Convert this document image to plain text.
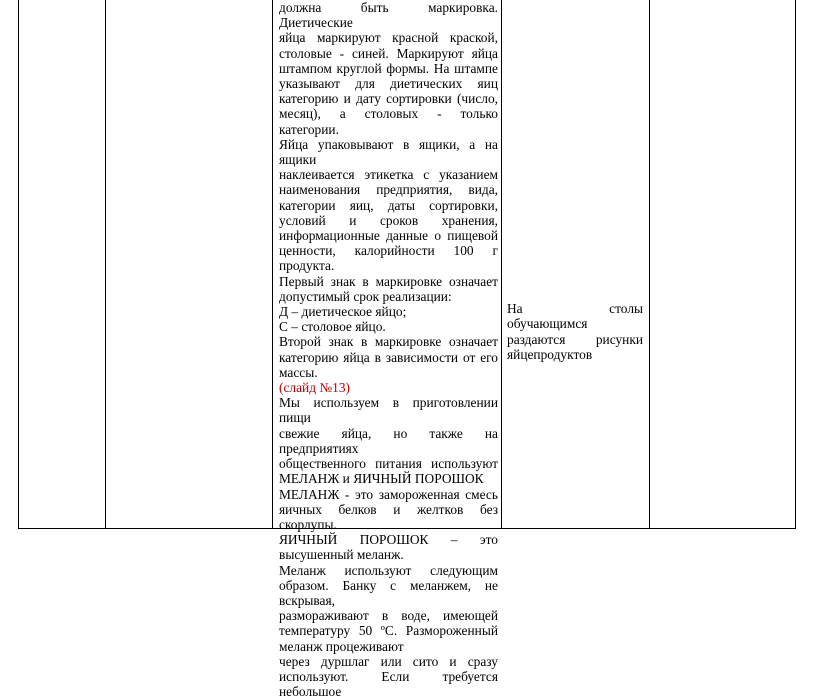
должна быть маркировка. Диетические

яйца маркируют красной краской,

столовые - синей. Маркируют яйца

штампом круглой формы. На штампе

указывают для диетических яиц

категорию и дату сортировки (число,

месяц), а столовых - только категории.

Яйца упаковывают в ящики, а на ящики

наклеивается этикетка с указанием

наименования предприятия, вида,

категории яиц, даты сортировки,

условий и сроков хранения,

информационные данные о пищевой

ценности, калорийности 100 г продукта.

Первый знак в маркировке означает

допустимый срок реализации:

Д – диетическое яйцо;

С – столовое яйцо.

Второй знак в маркировке означает

категорию яйца в зависимости от его

массы.

(слайд №13)

Мы используем в приготовлении пищи

свежие яйца, но также на предприятиях

общественного питания используют

МЕЛАНЖ и ЯИЧНЫЙ ПОРОШОК

МЕЛАНЖ - это замороженная смесь

яичных белков и желтков без скорлупы.

ЯИЧНЫЙ ПОРОШОК – это

высушенный меланж.

Меланж используют следующим

образом. Банку с меланжем, не вскрывая,

размораживают в воде, имеющей

температуру 50 ºC. Размороженный

меланж процеживают

через дуршлаг или сито и сразу

используют. Если требуется небольшое

На столы обучающимся

раздаются рисунки

яйцепродуктов
